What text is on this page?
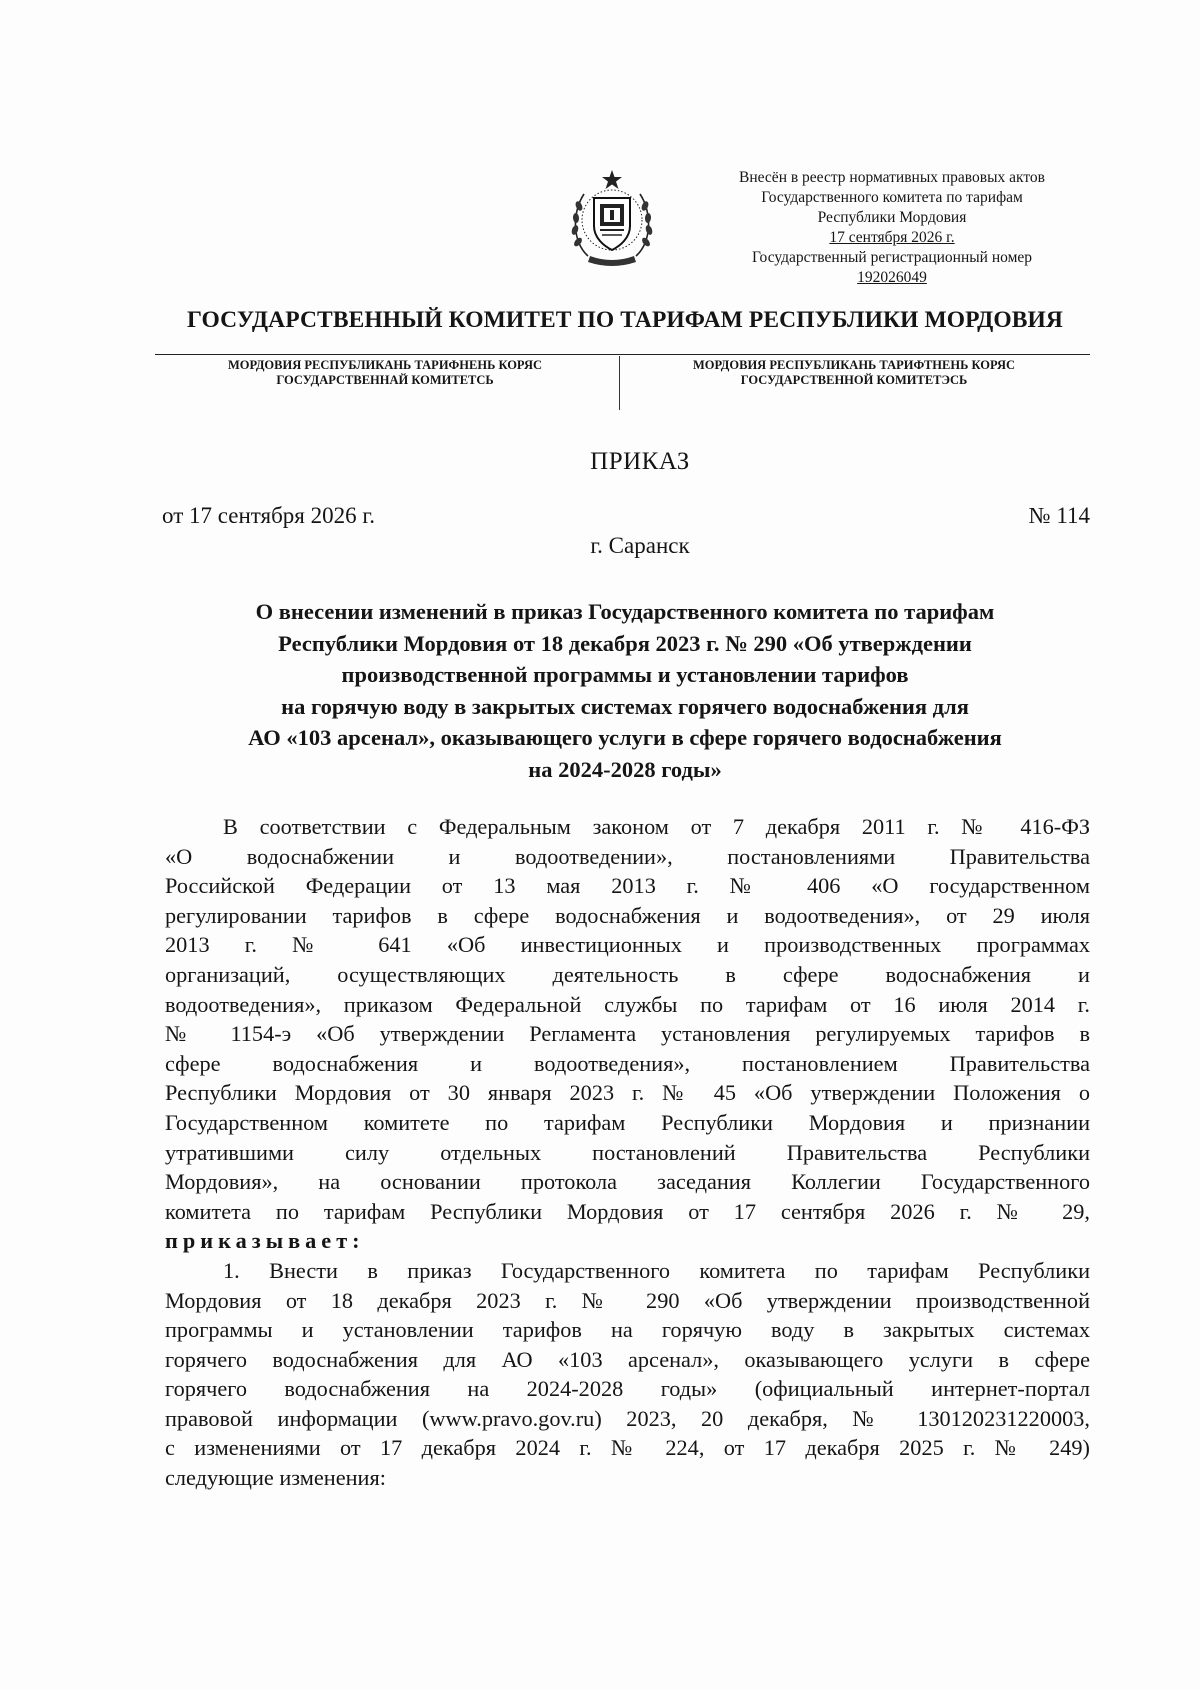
Внесён в реестр нормативных правовых актов
Государственного комитета по тарифам
Республики Мордовия
17 сентября 2026 г.
Государственный регистрационный номер
192026049
ГОСУДАРСТВЕННЫЙ КОМИТЕТ ПО ТАРИФАМ РЕСПУБЛИКИ МОРДОВИЯ
МОРДОВИЯ РЕСПУБЛИКАНЬ ТАРИФНЕНЬ КОРЯС
ГОСУДАРСТВЕННАЙ КОМИТЕТСЬ
МОРДОВИЯ РЕСПУБЛИКАНЬ ТАРИФТНЕНЬ КОРЯС
ГОСУДАРСТВЕННОЙ КОМИТЕТЭСЬ
ПРИКАЗ
от 17 сентября 2026 г.	№ 114
г. Саранск
О внесении изменений в приказ Государственного комитета по тарифам
Республики Мордовия от 18 декабря 2023 г. № 290 «Об утверждении
производственной программы и установлении тарифов
на горячую воду в закрытых системах горячего водоснабжения для
АО «103 арсенал», оказывающего услуги в сфере горячего водоснабжения
на 2024-2028 годы»
В соответствии с Федеральным законом от 7 декабря 2011 г. № 416-ФЗ
«О водоснабжении и водоотведении», постановлениями Правительства
Российской Федерации от 13 мая 2013 г. № 406 «О государственном
регулировании тарифов в сфере водоснабжения и водоотведения», от 29 июля
2013 г. № 641 «Об инвестиционных и производственных программах
организаций, осуществляющих деятельность в сфере водоснабжения и
водоотведения», приказом Федеральной службы по тарифам от 16 июля 2014 г.
№ 1154-э «Об утверждении Регламента установления регулируемых тарифов в
сфере водоснабжения и водоотведения», постановлением Правительства
Республики Мордовия от 30 января 2023 г. № 45 «Об утверждении Положения о
Государственном комитете по тарифам Республики Мордовия и признании
утратившими силу отдельных постановлений Правительства Республики
Мордовия», на основании протокола заседания Коллегии Государственного
комитета по тарифам Республики Мордовия от 17 сентября 2026 г. № 29,
приказывает:
1. Внести в приказ Государственного комитета по тарифам Республики
Мордовия от 18 декабря 2023 г. № 290 «Об утверждении производственной
программы и установлении тарифов на горячую воду в закрытых системах
горячего водоснабжения для АО «103 арсенал», оказывающего услуги в сфере
горячего водоснабжения на 2024-2028 годы» (официальный интернет-портал
правовой информации (www.pravo.gov.ru) 2023, 20 декабря, № 130120231220003,
с изменениями от 17 декабря 2024 г. № 224, от 17 декабря 2025 г. № 249)
следующие изменения:
